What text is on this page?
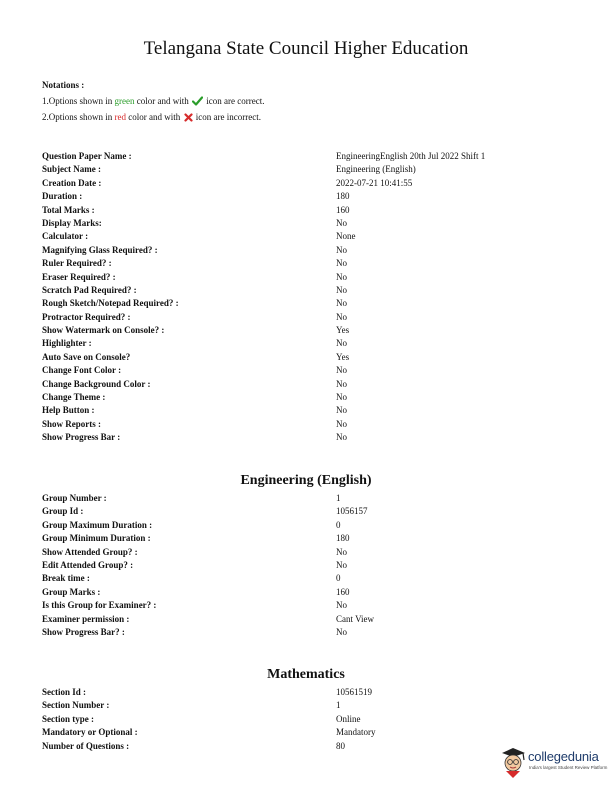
Telangana State Council Higher Education
Notations :
1.Options shown in green color and with  icon are correct.
2.Options shown in red color and with  icon are incorrect.
Question Paper Name :	EngineeringEnglish 20th Jul 2022 Shift 1
Subject Name :	Engineering (English)
Creation Date :	2022-07-21 10:41:55
Duration :	180
Total Marks :	160
Display Marks:	No
Calculator :	None
Magnifying Glass Required? :	No
Ruler Required? :	No
Eraser Required? :	No
Scratch Pad Required? :	No
Rough Sketch/Notepad Required? :	No
Protractor Required? :	No
Show Watermark on Console? :	Yes
Highlighter :	No
Auto Save on Console?	Yes
Change Font Color :	No
Change Background Color :	No
Change Theme :	No
Help Button :	No
Show Reports :	No
Show Progress Bar :	No
Engineering (English)
Group Number :	1
Group Id :	1056157
Group Maximum Duration :	0
Group Minimum Duration :	180
Show Attended Group? :	No
Edit Attended Group? :	No
Break time :	0
Group Marks :	160
Is this Group for Examiner? :	No
Examiner permission :	Cant View
Show Progress Bar? :	No
Mathematics
Section Id :	10561519
Section Number :	1
Section type :	Online
Mandatory or Optional :	Mandatory
Number of Questions :	80
collegedunia
India's largest Student Review Platform
